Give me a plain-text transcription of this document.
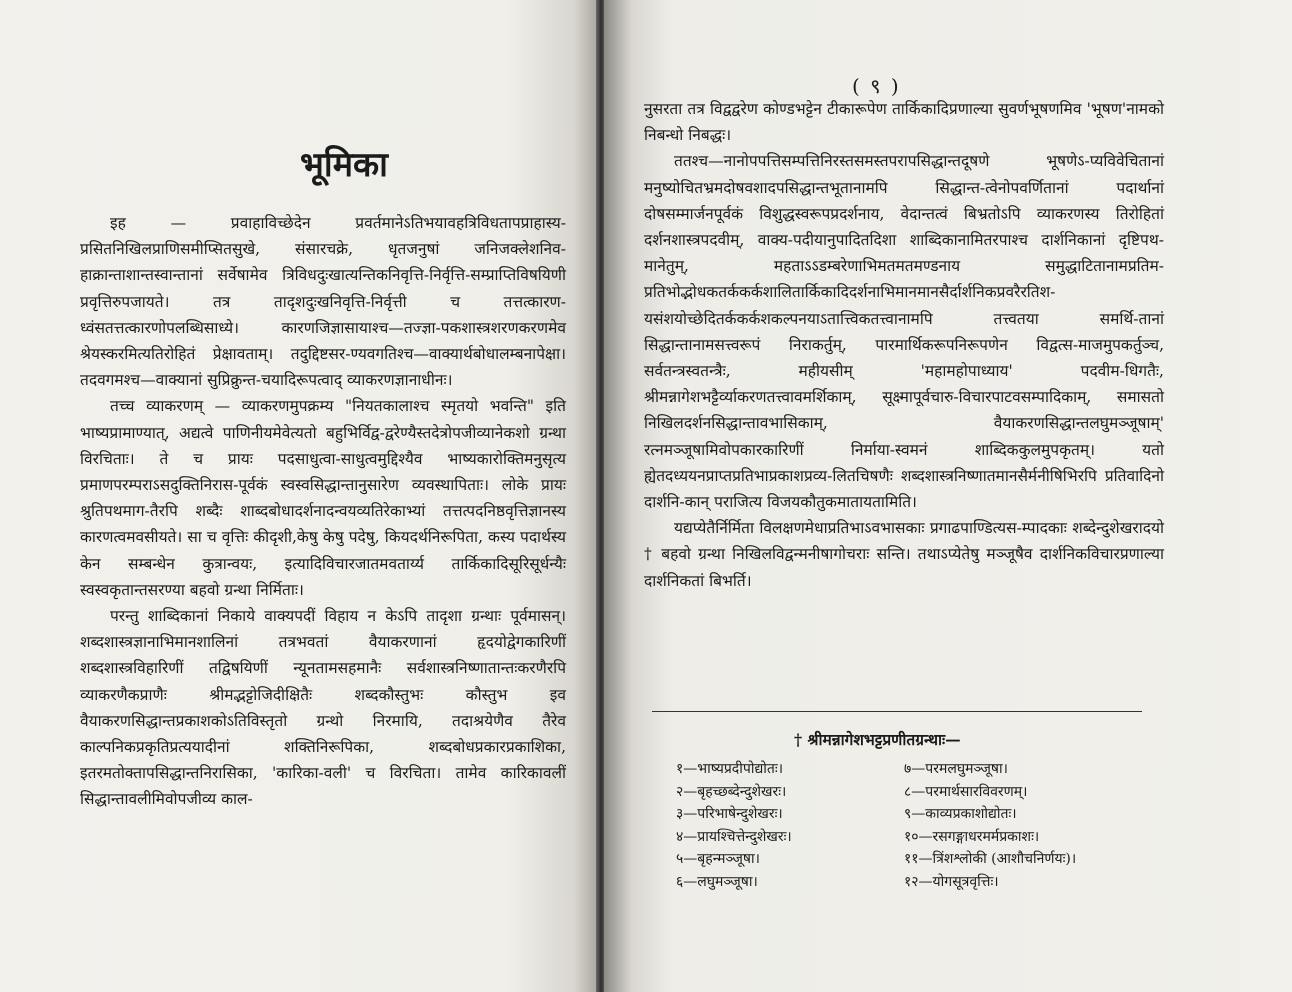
भूमिका

इह — प्रवाहाविच्छेदेन प्रवर्तमानेऽतिभयावहत्रिविधतापप्राहास्य-प्रसितनिखिलप्राणिसमीप्सितसुखे, संसारचक्रे, धृतजनुषां जनिजक्लेशनिव-हाक्रान्ताशान्तस्वान्तानां सर्वेषामेव त्रिविधदुःखात्यन्तिकनिवृत्ति-निर्वृत्ति-सम्प्राप्तिविषयिणी प्रवृत्तिरुपजायते। तत्र तादृशदुःखनिवृत्ति-निर्वृत्ती च तत्तत्कारण-ध्वंसतत्तत्कारणोपलब्धिसाध्ये। कारणजिज्ञासायाश्च—तज्ज्ञा-पकशास्त्रशरणकरणमेव श्रेयस्करमित्यतिरोहितं प्रेक्षावताम्। तदुद्दिष्टसर-ण्यवगतिश्च—वाक्यार्थबोधालम्बनापेक्षा। तदवगमश्च—वाक्यानां सुप्रिक्रुन्त-चयादिरूपत्वाद् व्याकरणज्ञानाधीनः।

तच्च व्याकरणम् — व्याकरणमुपक्रम्य "नियतकालाश्च स्मृतयो भवन्ति" इति भाष्यप्रामाण्यात्, अद्यत्वे पाणिनीयमेवेत्यतो बहुभिर्विद्व-द्वरेण्यैस्तदेत्रोपजीव्यानेकशो ग्रन्था विरचिताः। ते च प्रायः पदसाधुत्वा-साधुत्वमुद्दिश्यैव भाष्यकारोक्तिमनुसृत्य प्रमाणपरम्पराऽसदुक्तिनिरास-पूर्वकं स्वस्वसिद्धान्तानुसारेण व्यवस्थापिताः। लोके प्रायः श्रुतिपथमाग-तैरपि शब्दैः शाब्दबोधादर्शनादन्वयव्यतिरेकाभ्यां तत्तत्पदनिष्ठवृत्तिज्ञानस्य कारणत्वमवसीयते। सा च वृत्तिः कीदृशी,केषु केषु पदेषु, कियदर्थनिरूपिता, कस्य पदार्थस्य केन सम्बन्धेन कुत्रान्वयः, इत्यादिविचारजातमवतार्य्य तार्किकादिसूरिसूर्धन्यैः स्वस्वकृतान्तसरण्या बहवो ग्रन्था निर्मिताः।

परन्तु शाब्दिकानां निकाये वाक्यपदीं विहाय न केऽपि तादृशा ग्रन्थाः पूर्वमासन्। शब्दशास्त्रज्ञानाभिमानशालिनां तत्रभवतां वैयाकरणानां हृदयोद्वेगकारिणीं शब्दशास्त्रविहारिणीं तद्विषयिणीं न्यूनतामसहमानैः सर्वशास्त्रनिष्णातान्तःकरणैरपि व्याकरणैकप्राणैः श्रीमद्भट्टोजिदीक्षितैः शब्दकौस्तुभः कौस्तुभ इव वैयाकरणसिद्धान्तप्रकाशकोऽतिविस्तृतो ग्रन्थो निरमायि, तदाश्रयेणैव तैरेव काल्पनिकप्रकृतिप्रत्ययादीनां शक्तिनिरूपिका, शब्दबोधप्रकारप्रकाशिका, इतरमतोक्तापसिद्धान्तनिरासिका, 'कारिका-वली' च विरचिता। तामेव कारिकावलीं सिद्धान्तावलीमिवोपजीव्य काल-

( ९ )

नुसरता तत्र विद्वद्वरेण कोण्डभट्टेन टीकारूपेण तार्किकादिप्रणाल्या सुवर्णभूषणमिव 'भूषण'नामको निबन्धो निबद्धः।

ततश्च—नानोपपत्तिसम्पत्तिनिरस्तसमस्तपरापसिद्धान्तदूषणे भूषणेऽ-प्यविवेचितानां मनुष्योचितभ्रमदोषवशादपसिद्धान्तभूतानामपि सिद्धान्त-त्वेनोपवर्णितानां पदार्थानां दोषसम्मार्जनपूर्वकं विशुद्धस्वरूपप्रदर्शनाय, वेदान्तत्वं बिभ्रतोऽपि व्याकरणस्य तिरोहितां दर्शनशास्त्रपदवीम्, वाक्य-पदीयानुपादितदिशा शाब्दिकानामितरपाश्च दार्शनिकानां दृष्टिपथ-मानेतुम्, महताऽऽडम्बरेणाभिमतमतमण्डनाय समुद्धाटितानामप्रतिम-प्रतिभोद्भोधकतर्ककर्कशालितार्किकादिदर्शनाभिमानमानसैर्दार्शनिकप्रवरैरतिश-यसंशयोच्छेदितर्ककर्कशकल्पनयाऽतात्त्विकतत्त्वानामपि तत्त्वतया समर्थि-तानां सिद्धान्तानामसत्त्वरूपं निराकर्तुम्, पारमार्थिकरूपनिरूपणेन विद्वत्स-माजमुपकर्तुञ्च, सर्वतन्त्रस्वतन्त्रैः, महीयसीम् 'महामहोपाध्याय' पदवीम-धिगतैः, श्रीमन्नागेशभट्टैर्व्याकरणतत्त्वावमर्शिकाम्, सूक्ष्मापूर्वचारु-विचारपाटवसम्पादिकाम्, समासतो निखिलदर्शनसिद्धान्तावभासिकाम्, वैयाकरणसिद्धान्तलघुमञ्जूषाम्' रत्नमञ्जूषामिवोपकारकारिणीं निर्माया-स्वमनं शाब्दिककुलमुपकृतम्। यतो ह्येतदध्ययनप्राप्तप्रतिभाप्रकाशप्रव्य-लितचिषणैः शब्दशास्त्रनिष्णातमानसैर्मनीषिभिरपि प्रतिवादिनो दार्शनि-कान् पराजित्य विजयकौतुकमातायतामिति।

यद्यप्येतैर्निर्मिता विलक्षणमेधाप्रतिभाऽवभासकाः प्रगाढपाण्डित्यस-म्पादकाः शब्देन्दुशेखरादयो † बहवो ग्रन्था निखिलविद्वन्मनीषागोचराः सन्ति। तथाऽप्येतेषु मञ्जूषैव दार्शनिकविचारप्रणाल्या दार्शनिकतां बिभर्ति।

† श्रीमन्नागेशभट्टप्रणीतग्रन्थाः—
१—भाष्यप्रदीपोद्योतः।
२—बृहच्छब्देन्दुशेखरः।
३—परिभाषेन्दुशेखरः।
४—प्रायश्चित्तेन्दुशेखरः।
५—बृहन्मञ्जूषा।
६—लघुमञ्जूषा।
७—परमलघुमञ्जूषा।
८—परमार्थसारविवरणम्।
९—काव्यप्रकाशोद्योतः।
१०—रसगङ्गाधरमर्मप्रकाशः।
११—त्रिंशश्लोकी (आशौचनिर्णयः)।
१२—योगसूत्रवृत्तिः।
